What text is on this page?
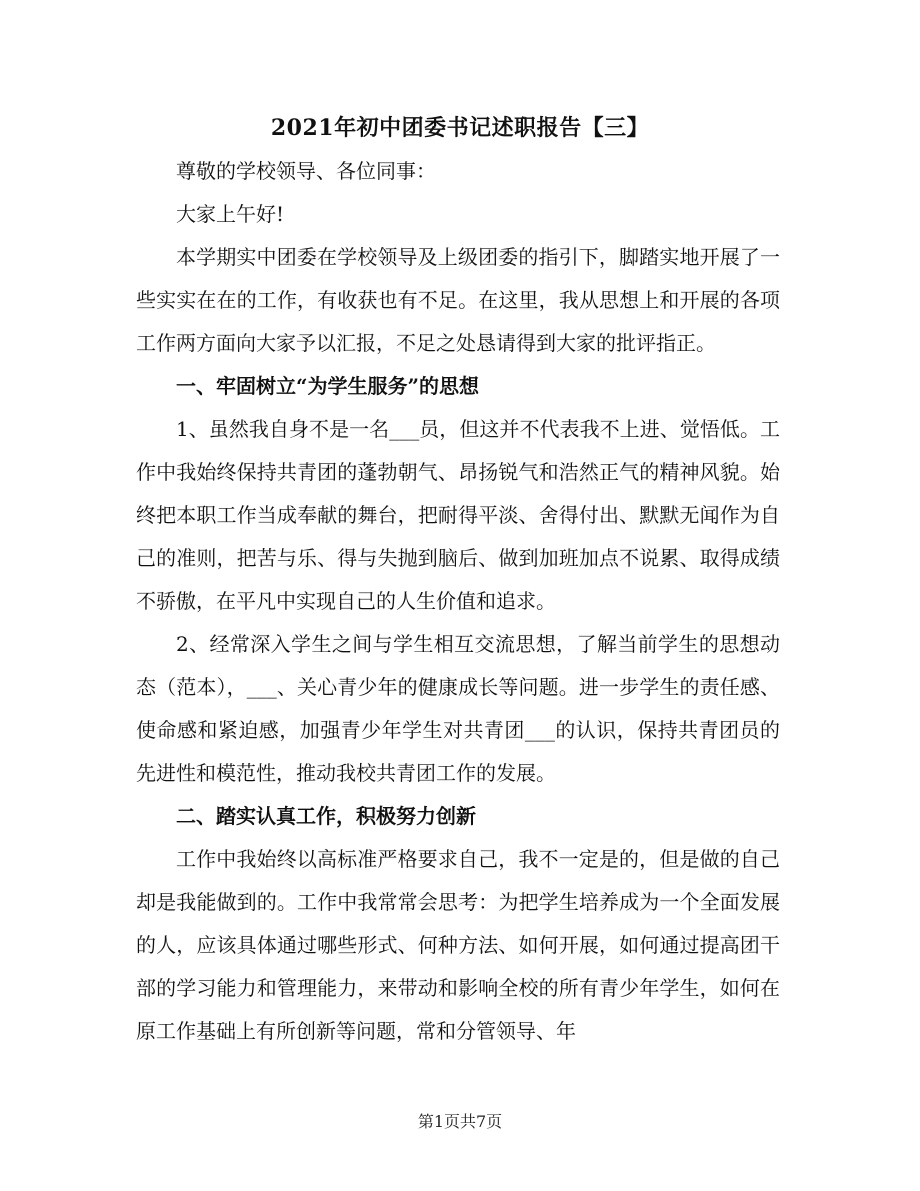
2021年初中团委书记述职报告【三】

尊敬的学校领导、各位同事：

大家上午好!

本学期实中团委在学校领导及上级团委的指引下，脚踏实地开展了一些实实在在的工作，有收获也有不足。在这里，我从思想上和开展的各项工作两方面向大家予以汇报，不足之处恳请得到大家的批评指正。

一、牢固树立“为学生服务”的思想

1、虽然我自身不是一名___员，但这并不代表我不上进、觉悟低。工作中我始终保持共青团的蓬勃朝气、昂扬锐气和浩然正气的精神风貌。始终把本职工作当成奉献的舞台，把耐得平淡、舍得付出、默默无闻作为自己的准则，把苦与乐、得与失抛到脑后、做到加班加点不说累、取得成绩不骄傲，在平凡中实现自己的人生价值和追求。

2、经常深入学生之间与学生相互交流思想，了解当前学生的思想动态（范本），___、关心青少年的健康成长等问题。进一步学生的责任感、使命感和紧迫感，加强青少年学生对共青团___的认识，保持共青团员的先进性和模范性，推动我校共青团工作的发展。

二、踏实认真工作，积极努力创新

工作中我始终以高标准严格要求自己，我不一定是的，但是做的自己却是我能做到的。工作中我常常会思考：为把学生培养成为一个全面发展的人，应该具体通过哪些形式、何种方法、如何开展，如何通过提高团干部的学习能力和管理能力，来带动和影响全校的所有青少年学生，如何在原工作基础上有所创新等问题，常和分管领导、年

第1页共7页
